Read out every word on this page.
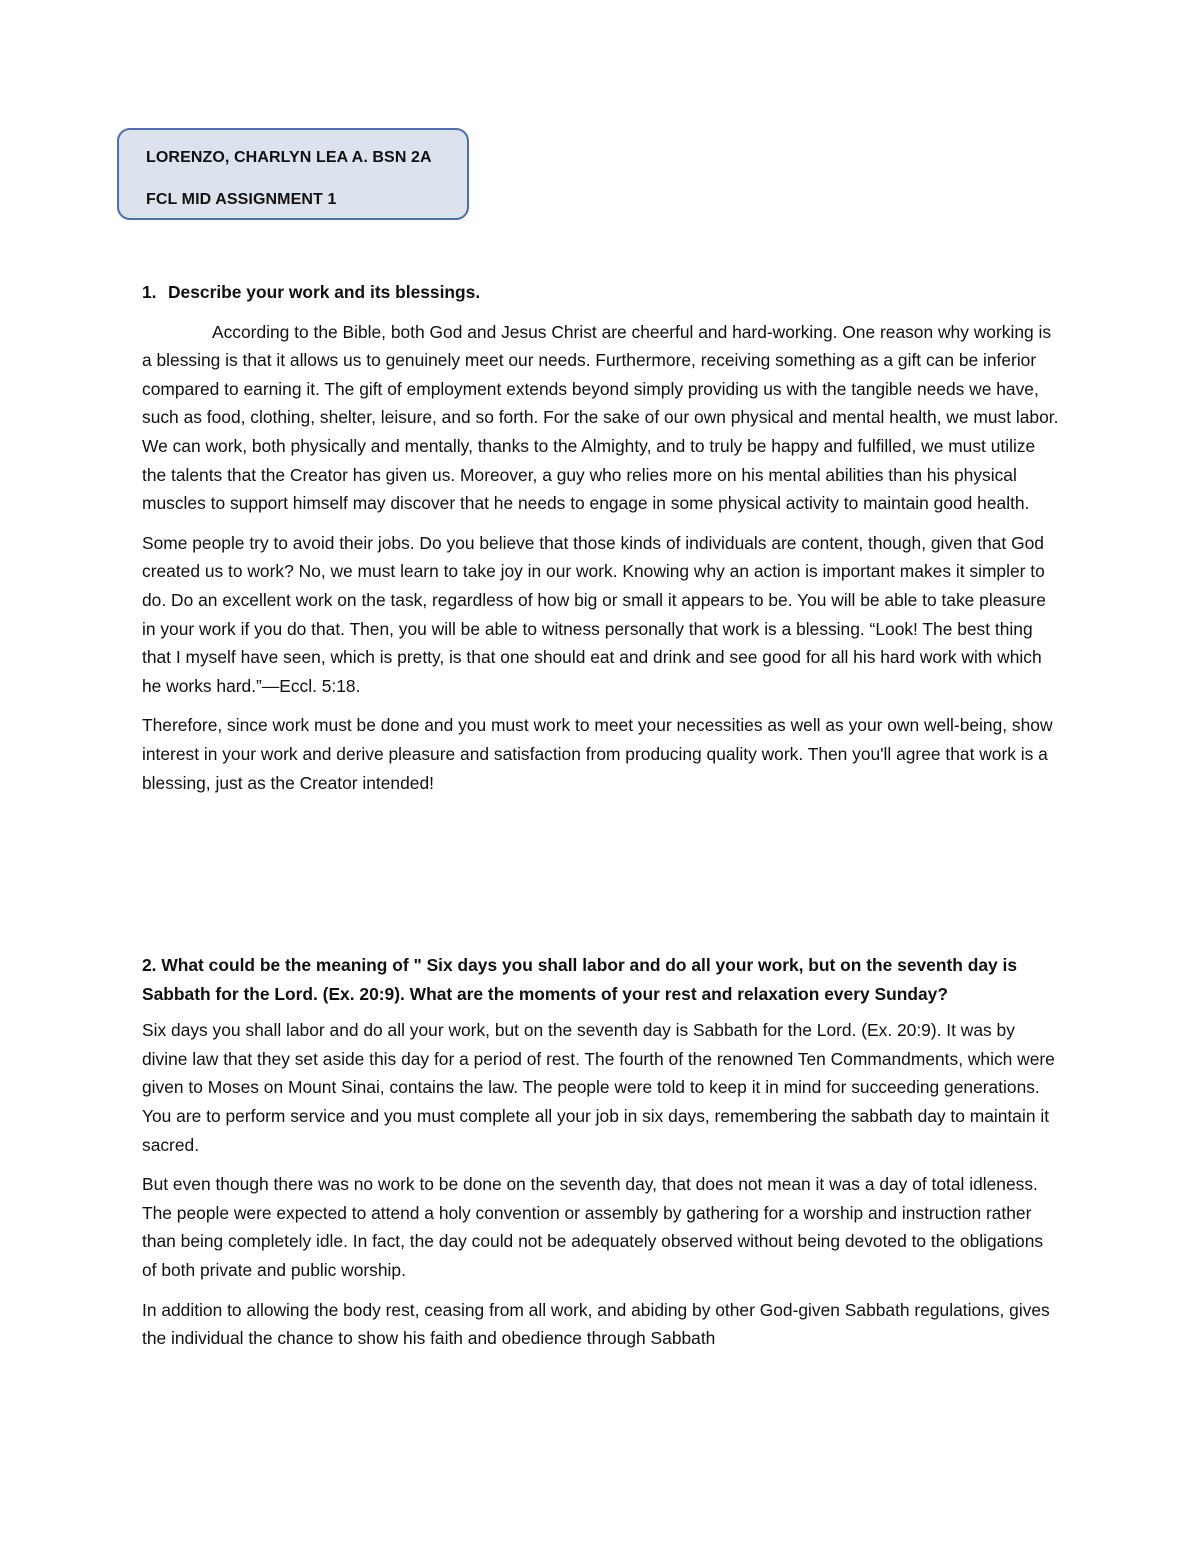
LORENZO, CHARLYN LEA A. BSN 2A
FCL MID ASSIGNMENT 1

1. Describe your work and its blessings.

According to the Bible, both God and Jesus Christ are cheerful and hard-working. One reason why working is a blessing is that it allows us to genuinely meet our needs. Furthermore, receiving something as a gift can be inferior compared to earning it. The gift of employment extends beyond simply providing us with the tangible needs we have, such as food, clothing, shelter, leisure, and so forth. For the sake of our own physical and mental health, we must labor. We can work, both physically and mentally, thanks to the Almighty, and to truly be happy and fulfilled, we must utilize the talents that the Creator has given us. Moreover, a guy who relies more on his mental abilities than his physical muscles to support himself may discover that he needs to engage in some physical activity to maintain good health.

Some people try to avoid their jobs. Do you believe that those kinds of individuals are content, though, given that God created us to work? No, we must learn to take joy in our work. Knowing why an action is important makes it simpler to do. Do an excellent work on the task, regardless of how big or small it appears to be. You will be able to take pleasure in your work if you do that. Then, you will be able to witness personally that work is a blessing. “Look! The best thing that I myself have seen, which is pretty, is that one should eat and drink and see good for all his hard work with which he works hard.”—Eccl. 5:18.

Therefore, since work must be done and you must work to meet your necessities as well as your own well-being, show interest in your work and derive pleasure and satisfaction from producing quality work. Then you'll agree that work is a blessing, just as the Creator intended!

2. What could be the meaning of " Six days you shall labor and do all your work, but on the seventh day is Sabbath for the Lord. (Ex. 20:9). What are the moments of your rest and relaxation every Sunday?

Six days you shall labor and do all your work, but on the seventh day is Sabbath for the Lord. (Ex. 20:9). It was by divine law that they set aside this day for a period of rest. The fourth of the renowned Ten Commandments, which were given to Moses on Mount Sinai, contains the law. The people were told to keep it in mind for succeeding generations. You are to perform service and you must complete all your job in six days, remembering the sabbath day to maintain it sacred.

But even though there was no work to be done on the seventh day, that does not mean it was a day of total idleness. The people were expected to attend a holy convention or assembly by gathering for a worship and instruction rather than being completely idle. In fact, the day could not be adequately observed without being devoted to the obligations of both private and public worship.

In addition to allowing the body rest, ceasing from all work, and abiding by other God-given Sabbath regulations, gives the individual the chance to show his faith and obedience through Sabbath
